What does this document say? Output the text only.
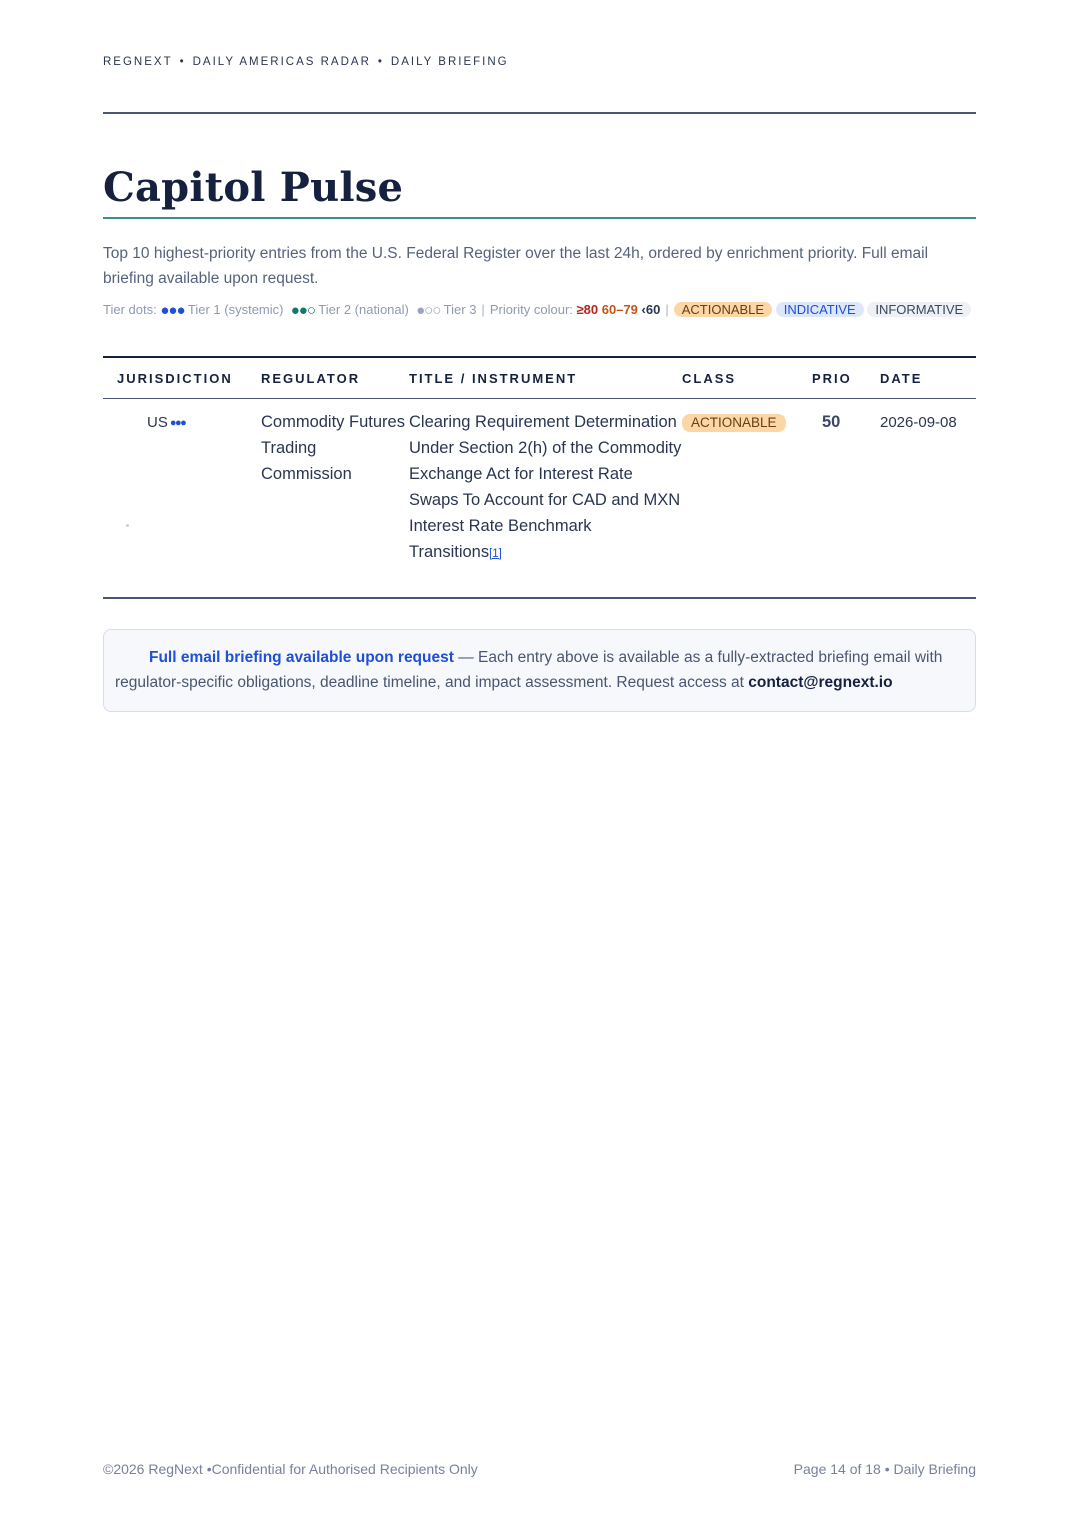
REGNEXT • DAILY AMERICAS RADAR • DAILY BRIEFING
Capitol Pulse

Top 10 highest-priority entries from the U.S. Federal Register over the last 24h, ordered by enrichment priority. Full email briefing available upon request.

Tier dots: ●●● Tier 1 (systemic) ●●○ Tier 2 (national) ●○○ Tier 3 | Priority colour: ≥80 60–79 ‹60 | ACTIONABLE INDICATIVE INFORMATIVE
JURISDICTION	REGULATOR	TITLE / INSTRUMENT	CLASS	PRIO	DATE

US ●●●	Commodity Futures Trading Commission	Clearing Requirement Determination Under Section 2(h) of the Commodity Exchange Act for Interest Rate Swaps To Account for CAD and MXN Interest Rate Benchmark Transitions[1]	ACTIONABLE	50	2026-09-08
Full email briefing available upon request — Each entry above is available as a fully-extracted briefing email with regulator-specific obligations, deadline timeline, and impact assessment. Request access at contact@regnext.io
©2026 RegNext •Confidential for Authorised Recipients Only	Page 14 of 18 • Daily Briefing
